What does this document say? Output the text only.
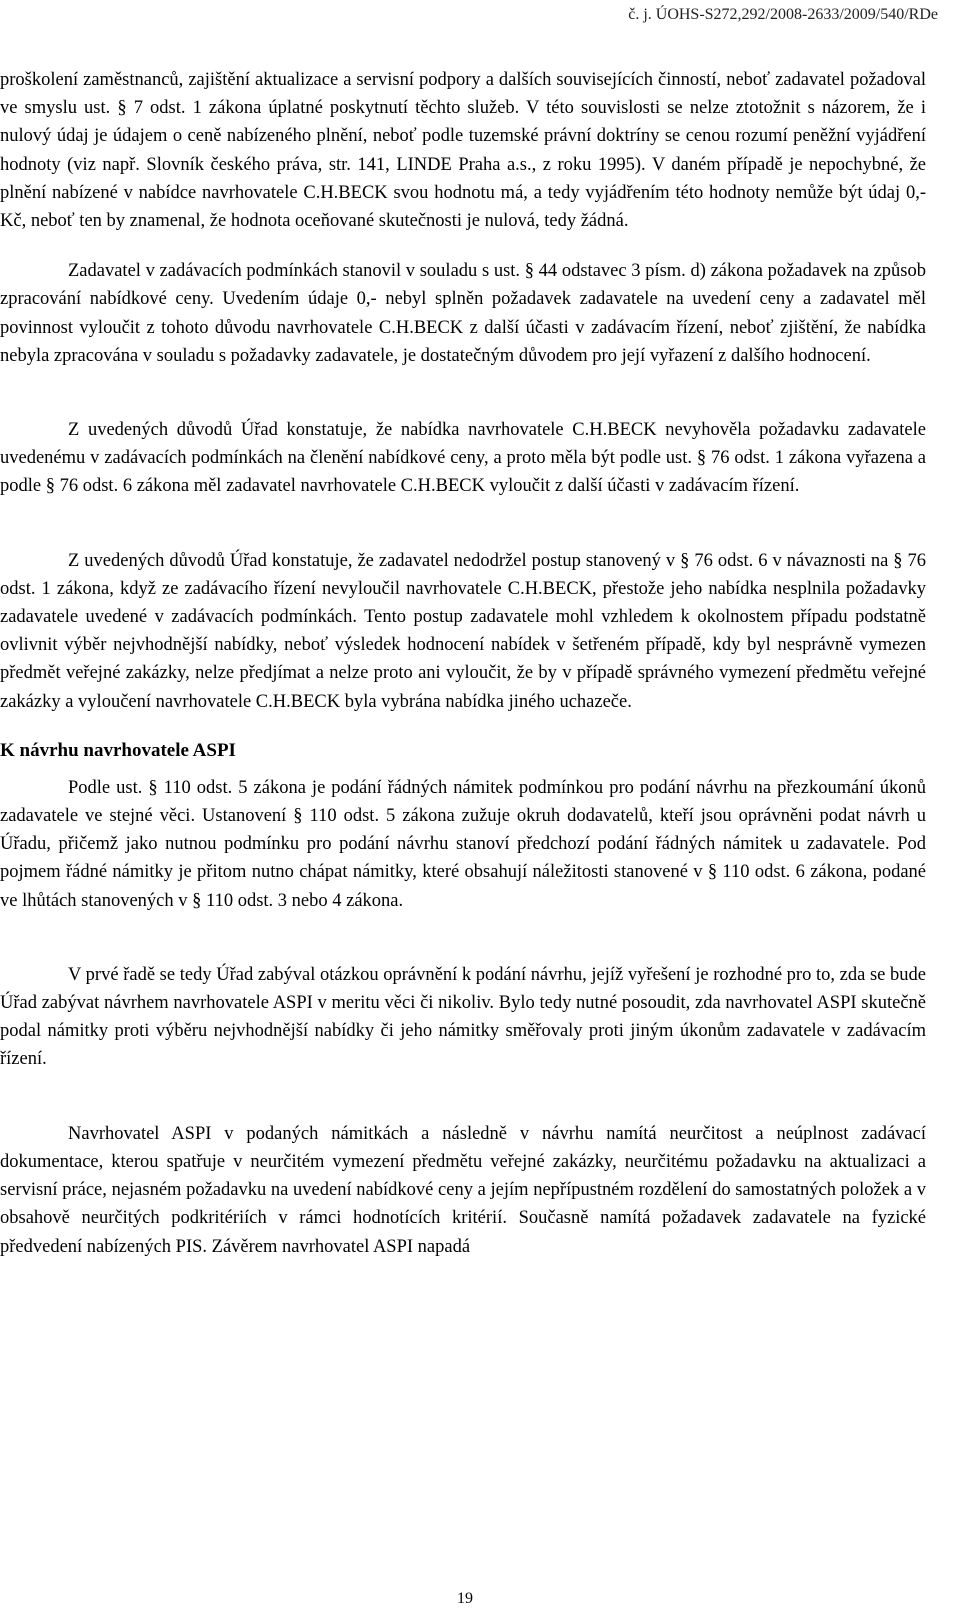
č. j. ÚOHS-S272,292/2008-2633/2009/540/RDe

proškolení zaměstnanců, zajištění aktualizace a servisní podpory a dalších souvisejících činností, neboť zadavatel požadoval ve smyslu ust. § 7 odst. 1 zákona úplatné poskytnutí těchto služeb. V této souvislosti se nelze ztotožnit s názorem, že i nulový údaj je údajem o ceně nabízeného plnění, neboť podle tuzemské právní doktríny se cenou rozumí peněžní vyjádření hodnoty (viz např. Slovník českého práva, str. 141, LINDE Praha a.s., z roku 1995). V daném případě je nepochybné, že plnění nabízené v nabídce navrhovatele C.H.BECK svou hodnotu má, a tedy vyjádřením této hodnoty nemůže být údaj 0,- Kč, neboť ten by znamenal, že hodnota oceňované skutečnosti je nulová, tedy žádná.

Zadavatel v zadávacích podmínkách stanovil v souladu s ust. § 44 odstavec 3 písm. d) zákona požadavek na způsob zpracování nabídkové ceny. Uvedením údaje 0,- nebyl splněn požadavek zadavatele na uvedení ceny a zadavatel měl povinnost vyloučit z tohoto důvodu navrhovatele C.H.BECK z další účasti v zadávacím řízení, neboť zjištění, že nabídka nebyla zpracována v souladu s požadavky zadavatele, je dostatečným důvodem pro její vyřazení z dalšího hodnocení.

Z uvedených důvodů Úřad konstatuje, že nabídka navrhovatele C.H.BECK nevyhověla požadavku zadavatele uvedenému v zadávacích podmínkách na členění nabídkové ceny, a proto měla být podle ust. § 76 odst. 1 zákona vyřazena a podle § 76 odst. 6 zákona měl zadavatel navrhovatele C.H.BECK vyloučit z další účasti v zadávacím řízení.

Z uvedených důvodů Úřad konstatuje, že zadavatel nedodržel postup stanovený v § 76 odst. 6 v návaznosti na § 76 odst. 1 zákona, když ze zadávacího řízení nevyloučil navrhovatele C.H.BECK, přestože jeho nabídka nesplnila požadavky zadavatele uvedené v zadávacích podmínkách. Tento postup zadavatele mohl vzhledem k okolnostem případu podstatně ovlivnit výběr nejvhodnější nabídky, neboť výsledek hodnocení nabídek v šetřeném případě, kdy byl nesprávně vymezen předmět veřejné zakázky, nelze předjímat a nelze proto ani vyloučit, že by v případě správného vymezení předmětu veřejné zakázky a vyloučení navrhovatele C.H.BECK byla vybrána nabídka jiného uchazeče.

K návrhu navrhovatele ASPI

Podle ust. § 110 odst. 5 zákona je podání řádných námitek podmínkou pro podání návrhu na přezkoumání úkonů zadavatele ve stejné věci. Ustanovení § 110 odst. 5 zákona zužuje okruh dodavatelů, kteří jsou oprávněni podat návrh u Úřadu, přičemž jako nutnou podmínku pro podání návrhu stanoví předchozí podání řádných námitek u zadavatele. Pod pojmem řádné námitky je přitom nutno chápat námitky, které obsahují náležitosti stanovené v § 110 odst. 6 zákona, podané ve lhůtách stanovených v § 110 odst. 3 nebo 4 zákona.

V prvé řadě se tedy Úřad zabýval otázkou oprávnění k podání návrhu, jejíž vyřešení je rozhodné pro to, zda se bude Úřad zabývat návrhem navrhovatele ASPI v meritu věci či nikoliv. Bylo tedy nutné posoudit, zda navrhovatel ASPI skutečně podal námitky proti výběru nejvhodnější nabídky či jeho námitky směřovaly proti jiným úkonům zadavatele v zadávacím řízení.

Navrhovatel ASPI v podaných námitkách a následně v návrhu namítá neurčitost a neúplnost zadávací dokumentace, kterou spatřuje v neurčitém vymezení předmětu veřejné zakázky, neurčitému požadavku na aktualizaci a servisní práce, nejasném požadavku na uvedení nabídkové ceny a jejím nepřípustném rozdělení do samostatných položek a v obsahově neurčitých podkritériích v rámci hodnotících kritérií. Současně namítá požadavek zadavatele na fyzické předvedení nabízených PIS. Závěrem navrhovatel ASPI napadá

19
